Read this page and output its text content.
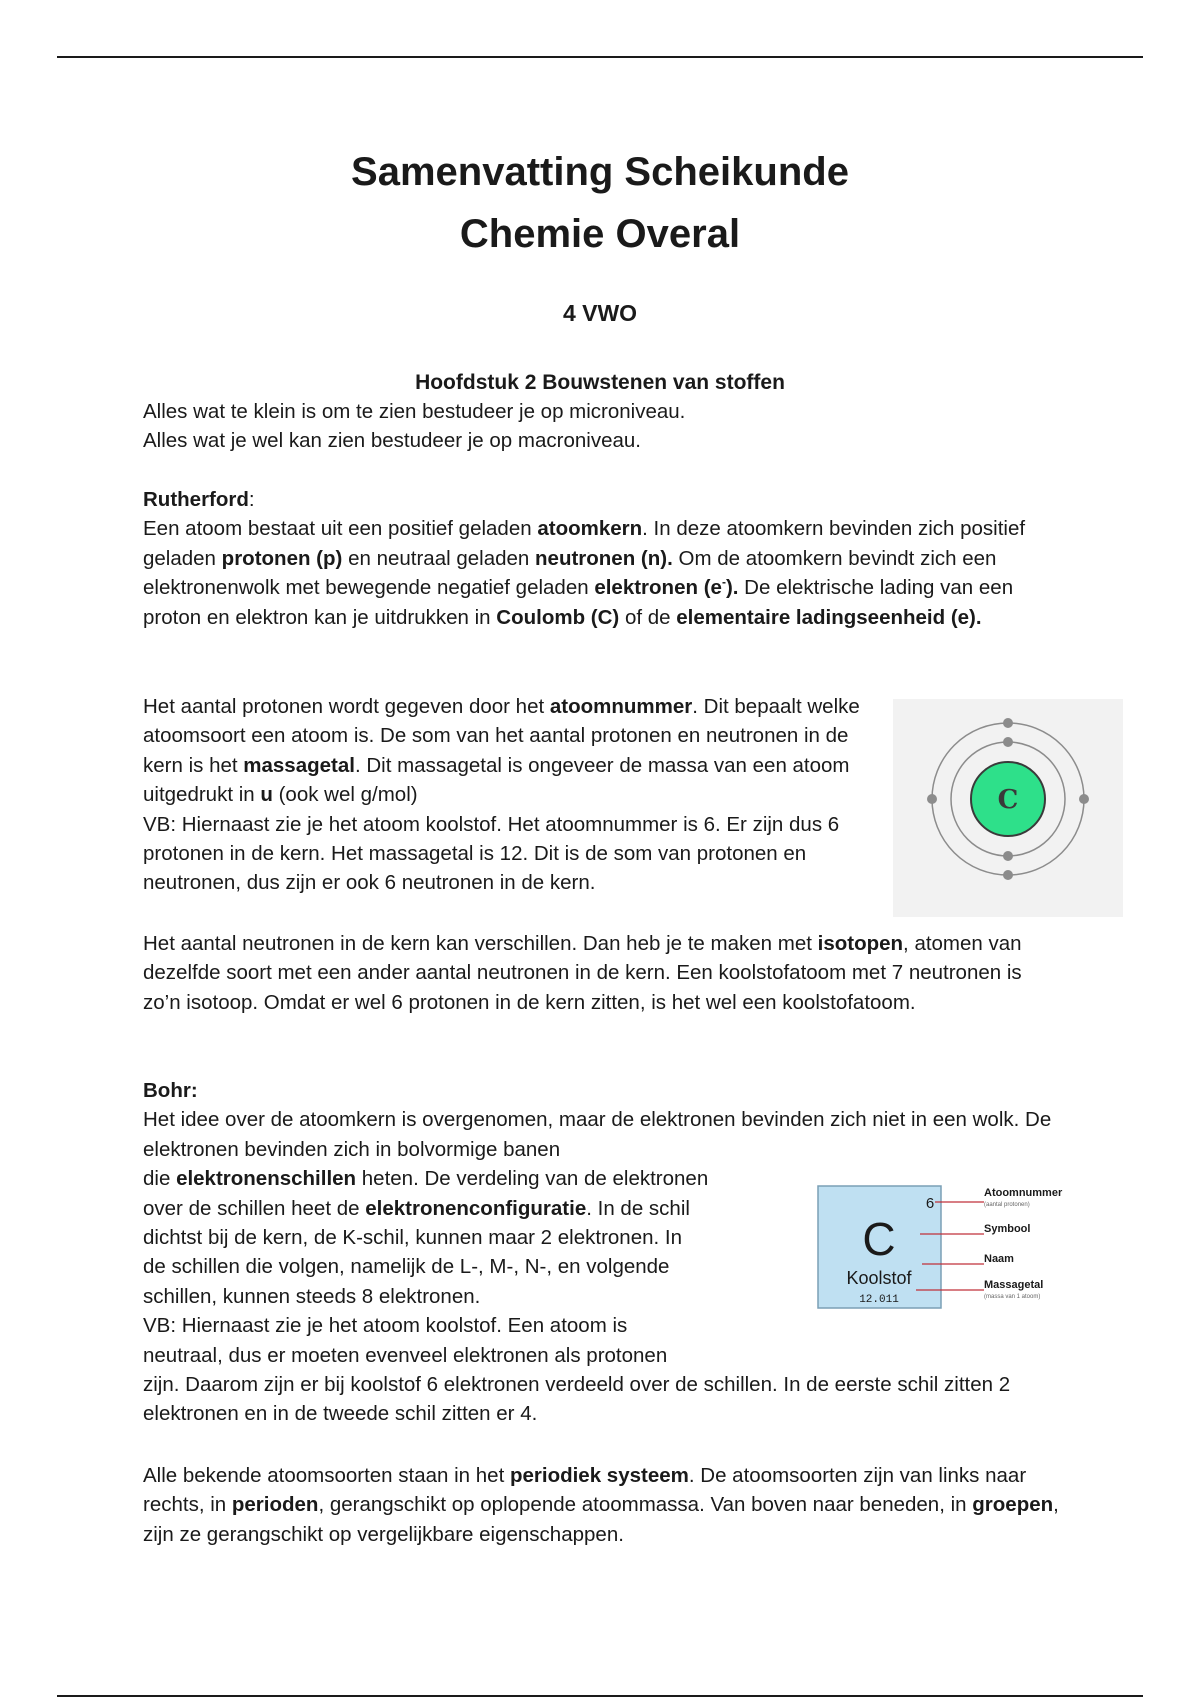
Samenvatting Scheikunde
Chemie Overal
4 VWO
Hoofdstuk 2 Bouwstenen van stoffen

Alles wat te klein is om te zien bestudeer je op microniveau.
Alles wat je wel kan zien bestudeer je op macroniveau.

Rutherford:
Een atoom bestaat uit een positief geladen atoomkern. In deze atoomkern bevinden zich positief geladen protonen (p) en neutraal geladen neutronen (n). Om de atoomkern bevindt zich een elektronenwolk met bewegende negatief geladen elektronen (e-). De elektrische lading van een proton en elektron kan je uitdrukken in Coulomb (C) of de elementaire ladingseenheid (e).

Het aantal protonen wordt gegeven door het atoomnummer. Dit bepaalt welke atoomsoort een atoom is. De som van het aantal protonen en neutronen in de kern is het massagetal. Dit massagetal is ongeveer de massa van een atoom uitgedrukt in u (ook wel g/mol)
VB: Hiernaast zie je het atoom koolstof. Het atoomnummer is 6. Er zijn dus 6 protonen in de kern. Het massagetal is 12. Dit is de som van protonen en neutronen, dus zijn er ook 6 neutronen in de kern.

C

Het aantal neutronen in de kern kan verschillen. Dan heb je te maken met isotopen, atomen van dezelfde soort met een ander aantal neutronen in de kern. Een koolstofatoom met 7 neutronen is zo’n isotoop. Omdat er wel 6 protonen in de kern zitten, is het wel een koolstofatoom.

Bohr:
Het idee over de atoomkern is overgenomen, maar de elektronen bevinden zich niet in een wolk. De elektronen bevinden zich in bolvormige banen
die elektronenschillen heten. De verdeling van de elektronen
over de schillen heet de elektronenconfiguratie. In de schil
dichtst bij de kern, de K-schil, kunnen maar 2 elektronen. In
de schillen die volgen, namelijk de L-, M-, N-, en volgende
schillen, kunnen steeds 8 elektronen.
VB: Hiernaast zie je het atoom koolstof. Een atoom is
neutraal, dus er moeten evenveel elektronen als protonen
zijn. Daarom zijn er bij koolstof 6 elektronen verdeeld over de schillen. In de eerste schil zitten 2 elektronen en in de tweede schil zitten er 4.

6
C
Koolstof
12.011
Atoomnummer
(aantal protonen)
Symbool
Naam
Massagetal
(massa van 1 atoom)

Alle bekende atoomsoorten staan in het periodiek systeem. De atoomsoorten zijn van links naar rechts, in perioden, gerangschikt op oplopende atoommassa. Van boven naar beneden, in groepen, zijn ze gerangschikt op vergelijkbare eigenschappen.
